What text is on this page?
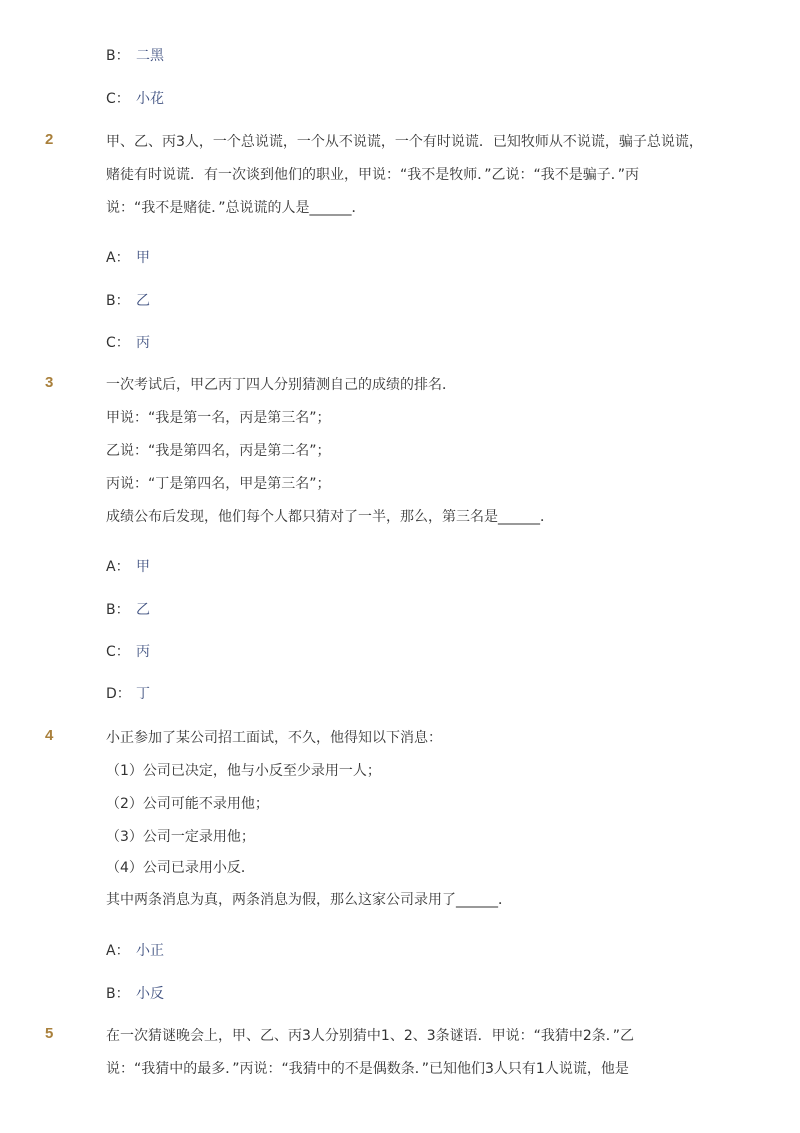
B： 二黑
C： 小花
2	甲、乙、丙3人，一个总说谎，一个从不说谎，一个有时说谎．已知牧师从不说谎，骗子总说谎，
赌徒有时说谎．有一次谈到他们的职业，甲说：“我不是牧师．”乙说：“我不是骗子．”丙
说：“我不是赌徒．”总说谎的人是______．
A： 甲
B： 乙
C： 丙
3	一次考试后，甲乙丙丁四人分别猜测自己的成绩的排名．
甲说：“我是第一名，丙是第三名”；
乙说：“我是第四名，丙是第二名”；
丙说：“丁是第四名，甲是第三名”；
成绩公布后发现，他们每个人都只猜对了一半，那么，第三名是______．
A： 甲
B： 乙
C： 丙
D： 丁
4	小正参加了某公司招工面试，不久，他得知以下消息：
（1）公司已决定，他与小反至少录用一人；
（2）公司可能不录用他；
（3）公司一定录用他；
（4）公司已录用小反．
其中两条消息为真，两条消息为假，那么这家公司录用了______．
A： 小正
B： 小反
5	在一次猜谜晚会上，甲、乙、丙3人分别猜中1、2、3条谜语．甲说：“我猜中2条．”乙
说：“我猜中的最多．”丙说：“我猜中的不是偶数条．”已知他们3人只有1人说谎，他是
